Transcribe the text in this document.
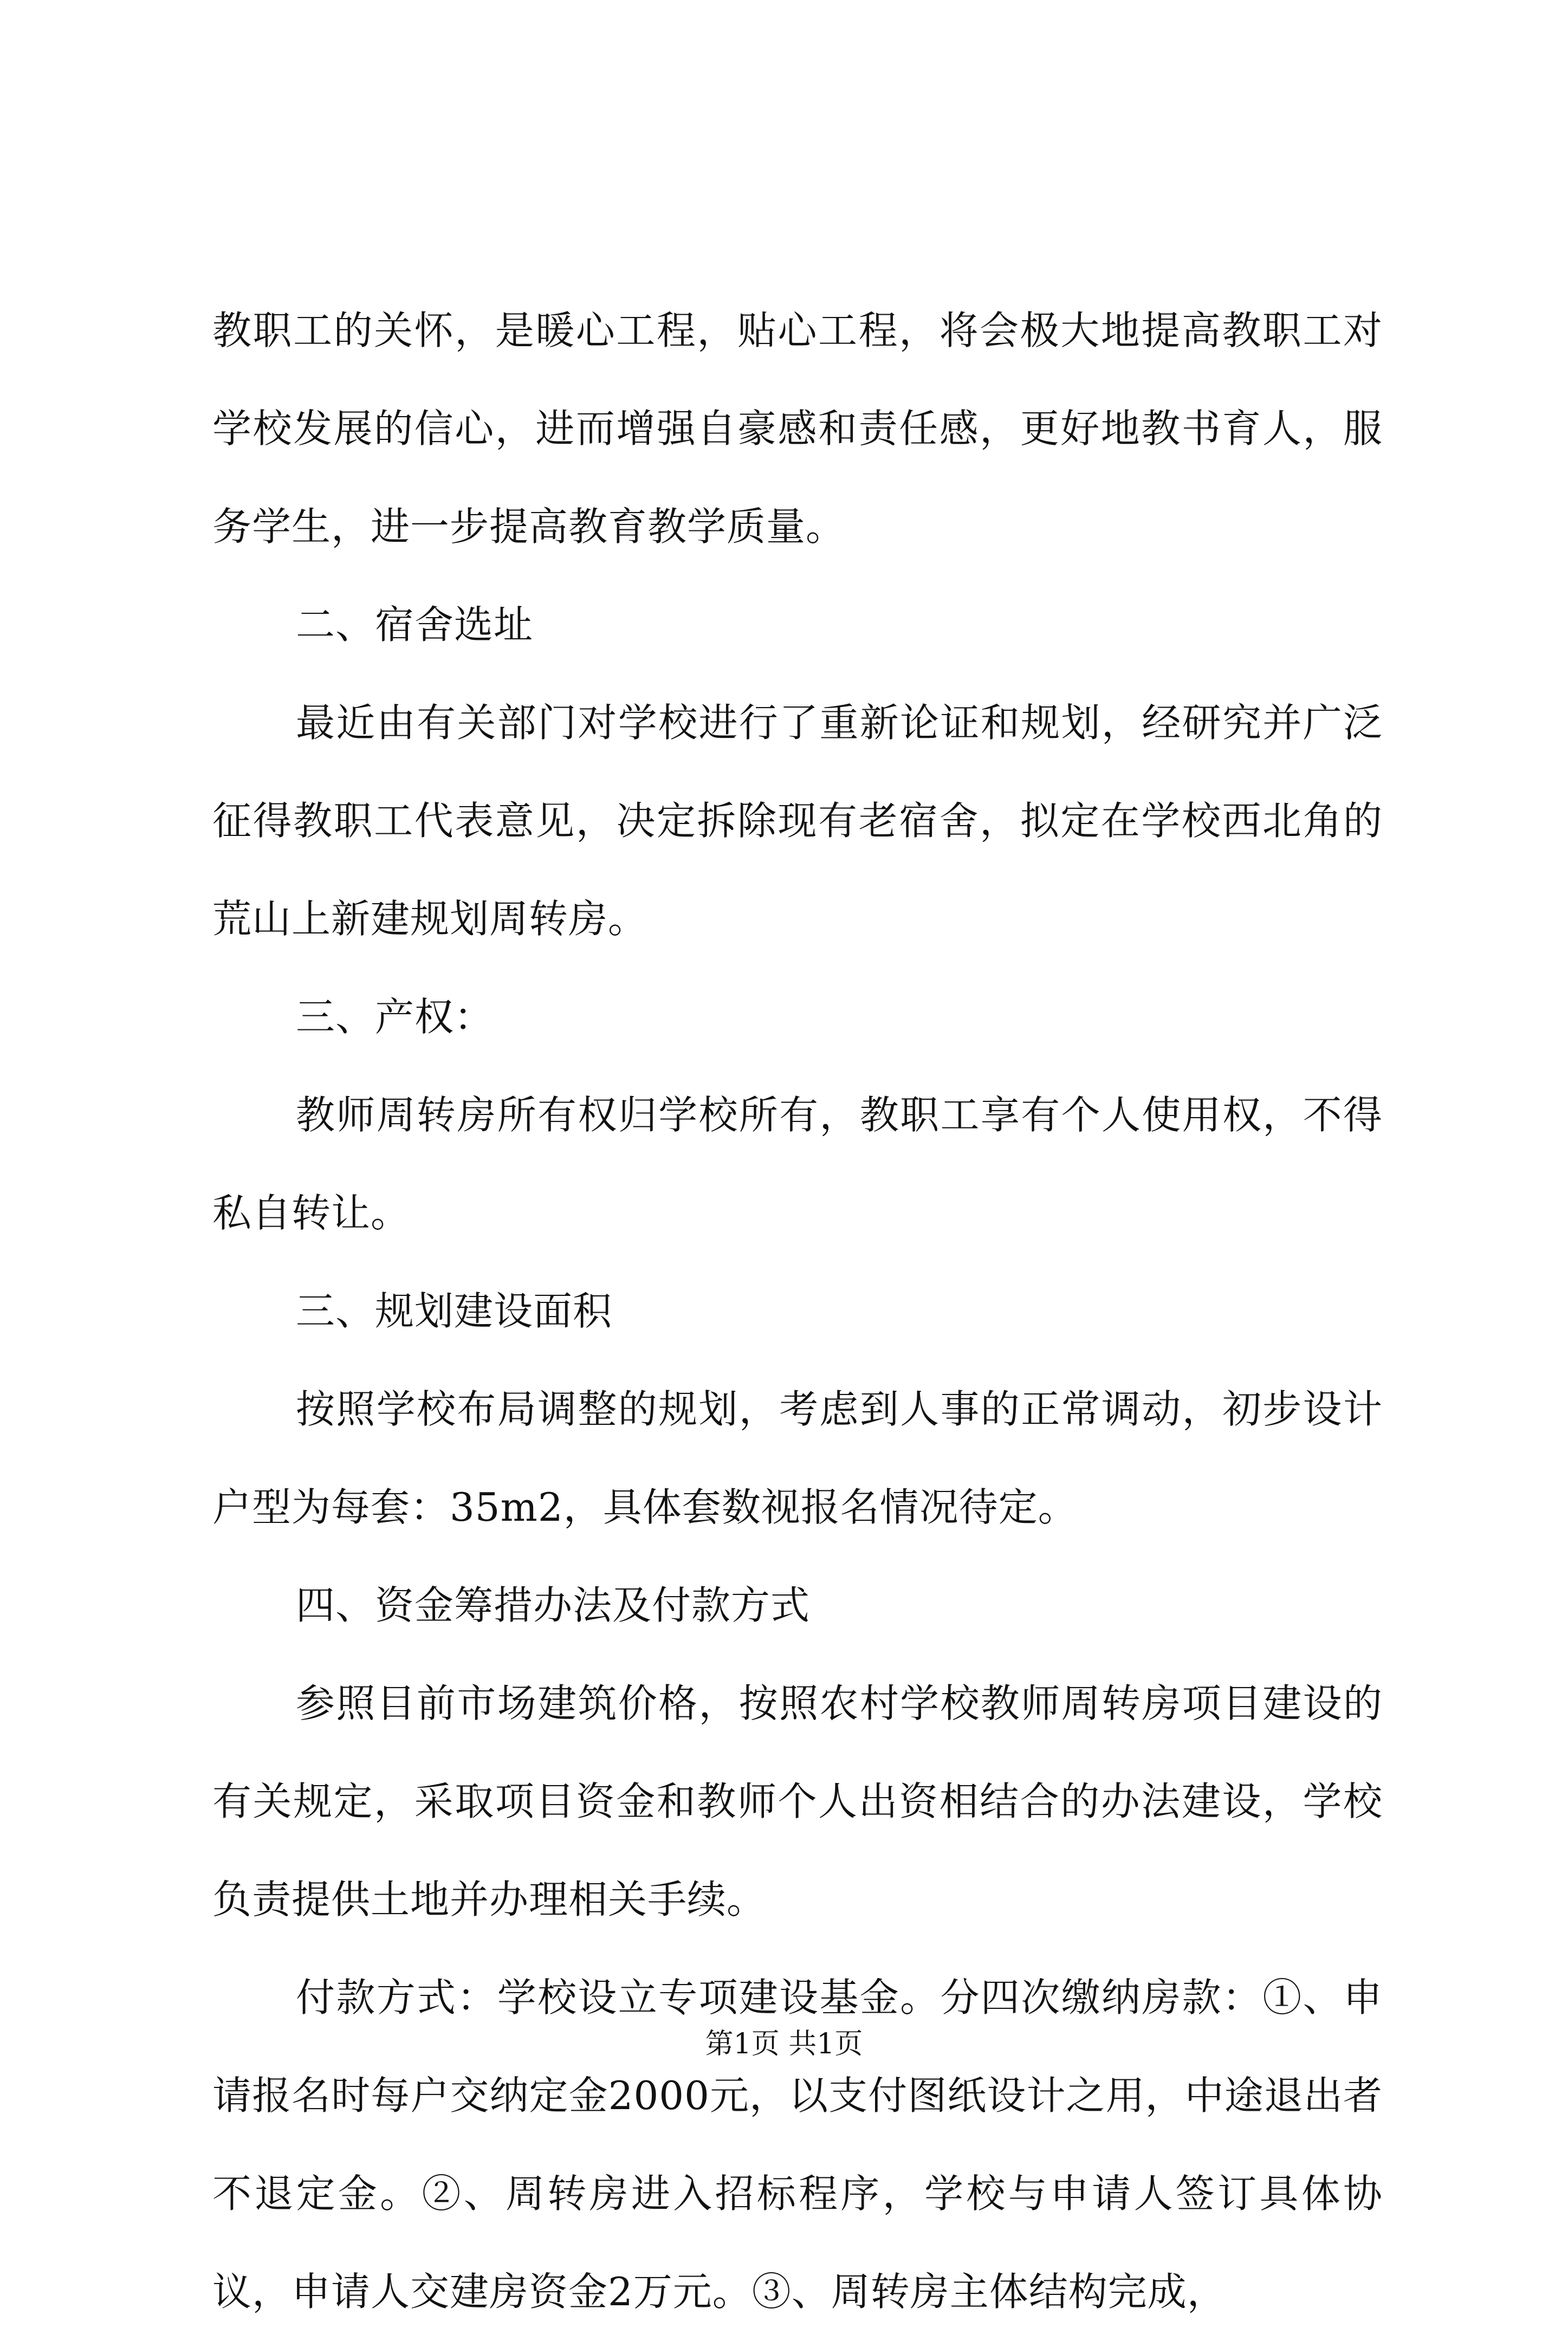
教职工的关怀，是暖心工程，贴心工程，将会极大地提高教职工对学校发展的信心，进而增强自豪感和责任感，更好地教书育人，服务学生，进一步提高教育教学质量。

二、宿舍选址

最近由有关部门对学校进行了重新论证和规划，经研究并广泛征得教职工代表意见，决定拆除现有老宿舍，拟定在学校西北角的荒山上新建规划周转房。

三、产权：

教师周转房所有权归学校所有，教职工享有个人使用权，不得私自转让。

三、规划建设面积

按照学校布局调整的规划，考虑到人事的正常调动，初步设计户型为每套：35m2，具体套数视报名情况待定。

四、资金筹措办法及付款方式

参照目前市场建筑价格，按照农村学校教师周转房项目建设的有关规定，采取项目资金和教师个人出资相结合的办法建设，学校负责提供土地并办理相关手续。

付款方式：学校设立专项建设基金。分四次缴纳房款：①、申请报名时每户交纳定金2000元，以支付图纸设计之用，中途退出者不退定金。②、周转房进入招标程序，学校与申请人签订具体协议，申请人交建房资金2万元。③、周转房主体结构完成，

第1页 共1页
